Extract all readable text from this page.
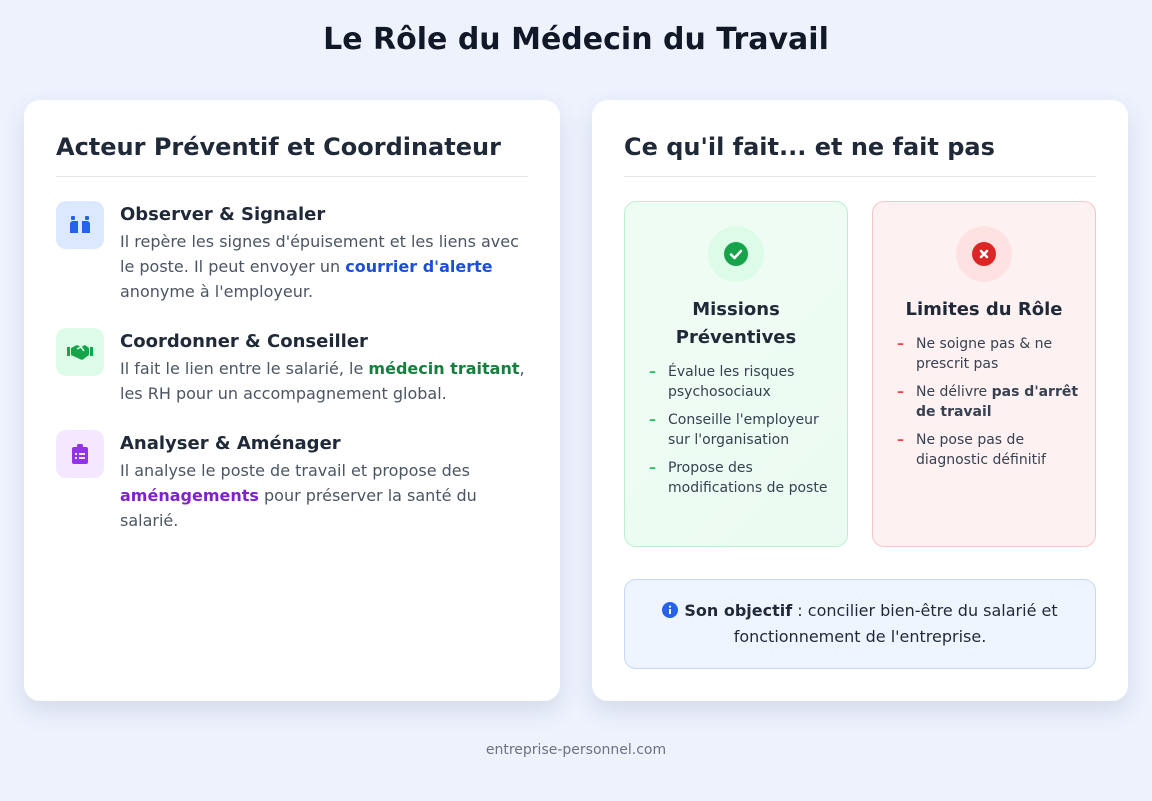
Le Rôle du Médecin du Travail
Acteur Préventif et Coordinateur
Observer & Signaler

Il repère les signes d'épuisement et les liens avec le poste. Il peut envoyer un courrier d'alerte anonyme à l'employeur.

Coordonner & Conseiller

Il fait le lien entre le salarié, le médecin traitant, les RH pour un accompagnement global.

Analyser & Aménager

Il analyse le poste de travail et propose des aménagements pour préserver la santé du salarié.

Ce qu'il fait... et ne fait pas
Missions Préventives
– Évalue les risques psychosociaux
– Conseille l'employeur sur l'organisation
– Propose des modifications de poste
Limites du Rôle
– Ne soigne pas & ne prescrit pas
– Ne délivre pas d'arrêt de travail
– Ne pose pas de diagnostic définitif
Son objectif : concilier bien-être du salarié et fonctionnement de l'entreprise.
entreprise-personnel.com
